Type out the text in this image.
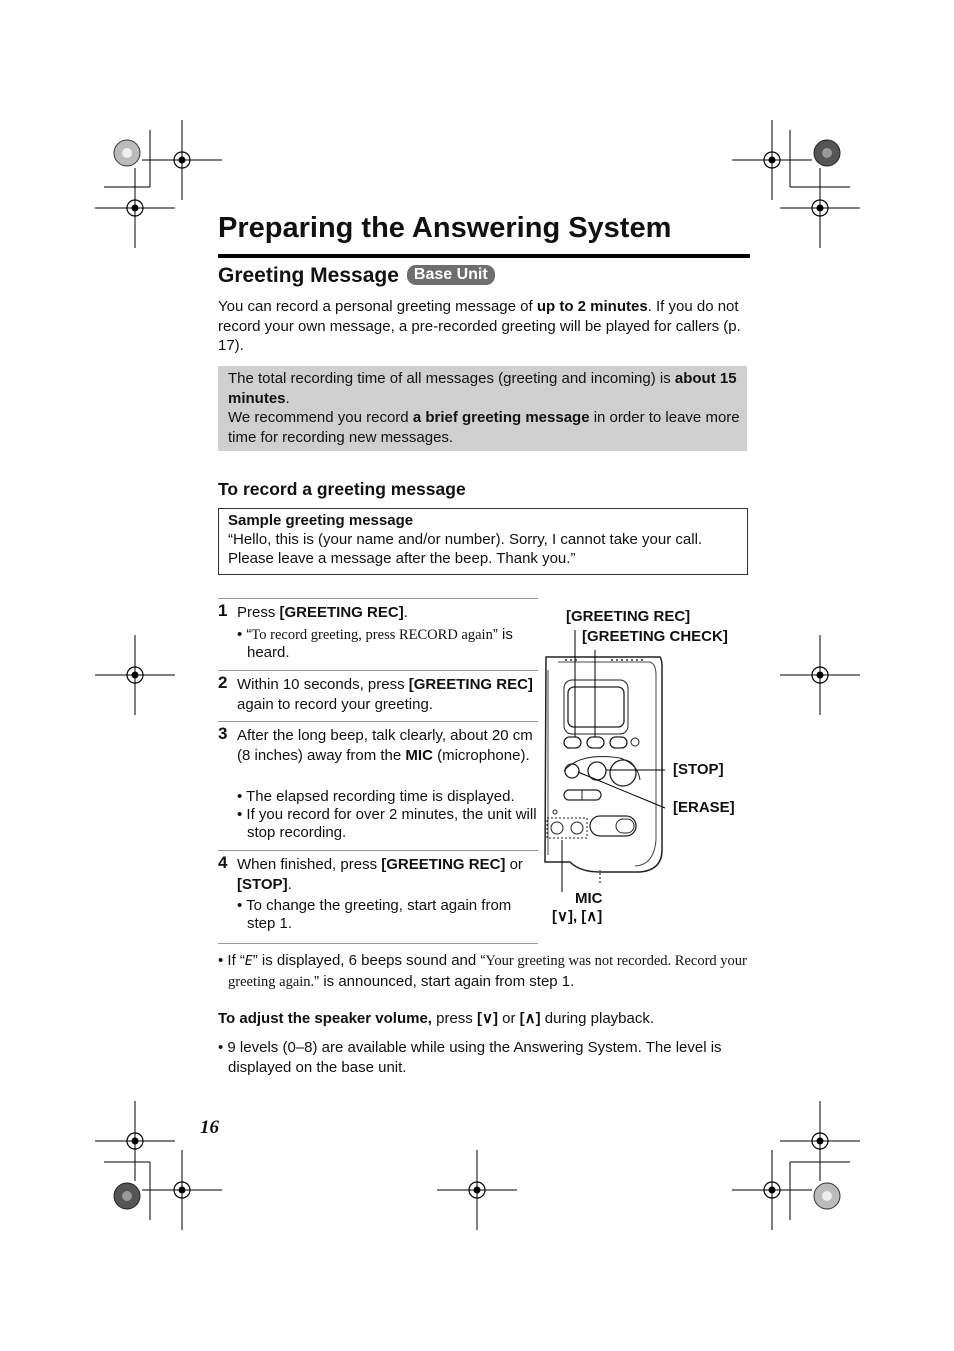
Preparing the Answering System
Greeting Message Base Unit
You can record a personal greeting message of up to 2 minutes. If you do not record your own message, a pre-recorded greeting will be played for callers (p. 17).
The total recording time of all messages (greeting and incoming) is about 15 minutes.
We recommend you record a brief greeting message in order to leave more time for recording new messages.
To record a greeting message
Sample greeting message
“Hello, this is (your name and/or number). Sorry, I cannot take your call. Please leave a message after the beep. Thank you.”
1 Press [GREETING REC].
• “To record greeting, press RECORD again” is heard.
2 Within 10 seconds, press [GREETING REC] again to record your greeting.
3 After the long beep, talk clearly, about 20 cm (8 inches) away from the MIC (microphone).
• The elapsed recording time is displayed.
• If you record for over 2 minutes, the unit will stop recording.
4 When finished, press [GREETING REC] or [STOP].
• To change the greeting, start again from step 1.
[GREETING REC]
[GREETING CHECK]
[STOP]
[ERASE]
MIC
[∨], [∧]
• If “E” is displayed, 6 beeps sound and “Your greeting was not recorded. Record your greeting again.” is announced, start again from step 1.
To adjust the speaker volume, press [∨] or [∧] during playback.
• 9 levels (0–8) are available while using the Answering System. The level is displayed on the base unit.
16
